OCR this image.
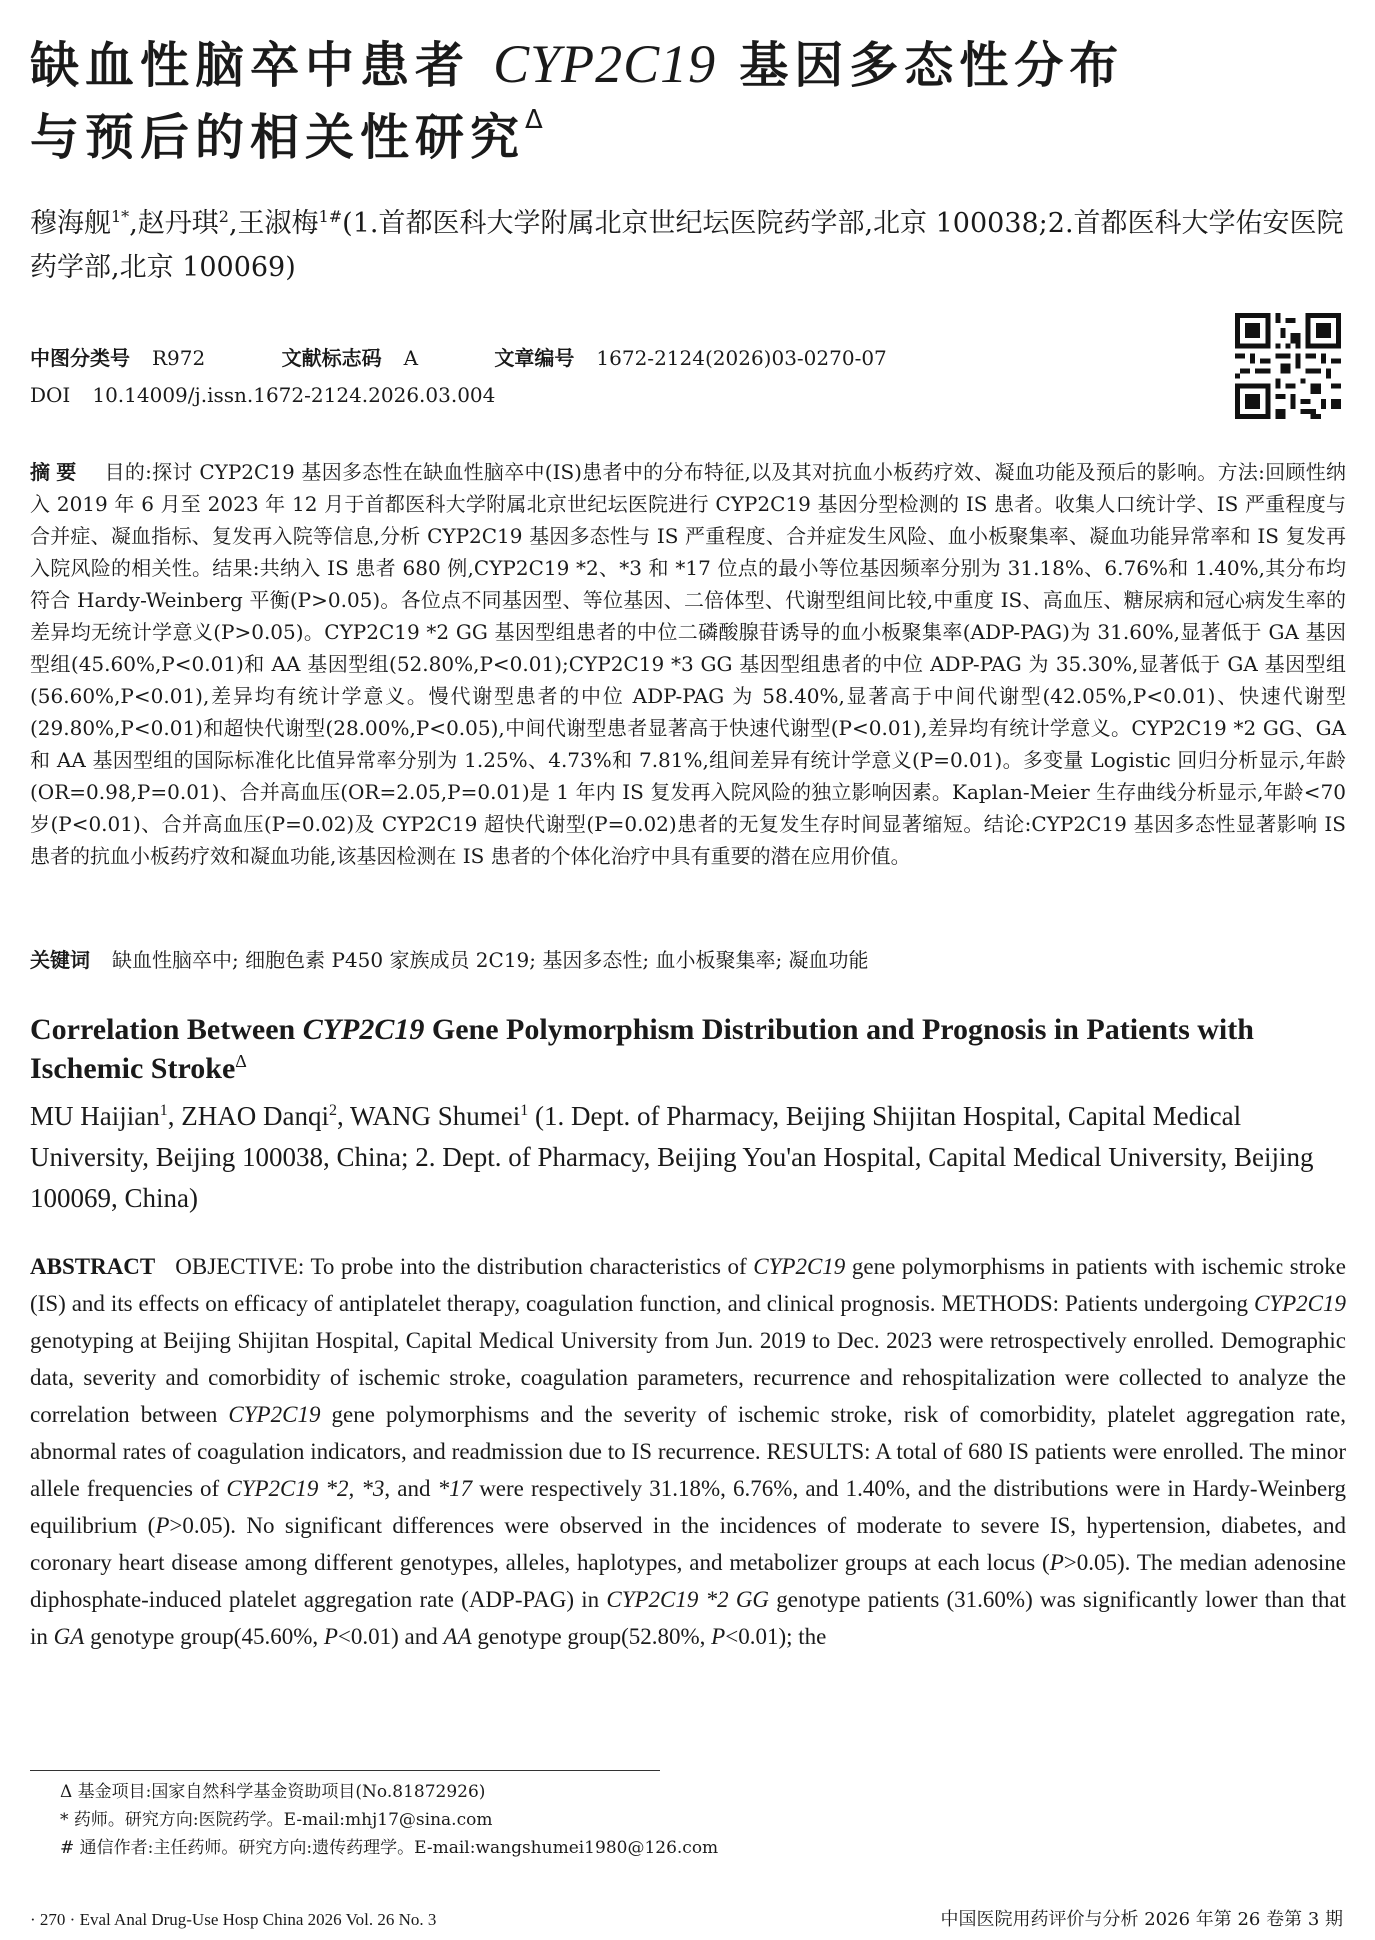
缺血性脑卒中患者 CYP2C19 基因多态性分布
与预后的相关性研究$^\Delta$
穆海舰$^{1*}$,赵丹琪$^2$,王淑梅$^{1\#}$(1.首都医科大学附属北京世纪坛医院药学部,北京 100038;2.首都医科大学佑安医院药学部,北京 100069)
中图分类号 R972	文献标志码 A	文章编号 1672-2124(2026)03-0270-07
DOI 10.14009/j.issn.1672-2124.2026.03.004
摘要 目的:探讨 CYP2C19 基因多态性在缺血性脑卒中(IS)患者中的分布特征,以及其对抗血小板药疗效、凝血功能及预后的影响。方法:回顾性纳入 2019 年 6 月至 2023 年 12 月于首都医科大学附属北京世纪坛医院进行 CYP2C19 基因分型检测的 IS 患者。收集人口统计学、IS 严重程度与合并症、凝血指标、复发再入院等信息,分析 CYP2C19 基因多态性与 IS 严重程度、合并症发生风险、血小板聚集率、凝血功能异常率和 IS 复发再入院风险的相关性。结果:共纳入 IS 患者 680 例,CYP2C19 *2、*3 和 *17 位点的最小等位基因频率分别为 31.18%、6.76%和 1.40%,其分布均符合 Hardy-Weinberg 平衡(P>0.05)。各位点不同基因型、等位基因、二倍体型、代谢型组间比较,中重度 IS、高血压、糖尿病和冠心病发生率的差异均无统计学意义(P>0.05)。CYP2C19 *2 GG 基因型组患者的中位二磷酸腺苷诱导的血小板聚集率(ADP-PAG)为 31.60%,显著低于 GA 基因型组(45.60%,P<0.01)和 AA 基因型组(52.80%,P<0.01);CYP2C19 *3 GG 基因型组患者的中位 ADP-PAG 为 35.30%,显著低于 GA 基因型组(56.60%,P<0.01),差异均有统计学意义。慢代谢型患者的中位 ADP-PAG 为 58.40%,显著高于中间代谢型(42.05%,P<0.01)、快速代谢型(29.80%,P<0.01)和超快代谢型(28.00%,P<0.05),中间代谢型患者显著高于快速代谢型(P<0.01),差异均有统计学意义。CYP2C19 *2 GG、GA 和 AA 基因型组的国际标准化比值异常率分别为 1.25%、4.73%和 7.81%,组间差异有统计学意义(P=0.01)。多变量 Logistic 回归分析显示,年龄(OR=0.98,P=0.01)、合并高血压(OR=2.05,P=0.01)是 1 年内 IS 复发再入院风险的独立影响因素。Kaplan-Meier 生存曲线分析显示,年龄<70 岁(P<0.01)、合并高血压(P=0.02)及 CYP2C19 超快代谢型(P=0.02)患者的无复发生存时间显著缩短。结论:CYP2C19 基因多态性显著影响 IS 患者的抗血小板药疗效和凝血功能,该基因检测在 IS 患者的个体化治疗中具有重要的潜在应用价值。
关键词 缺血性脑卒中; 细胞色素 P450 家族成员 2C19; 基因多态性; 血小板聚集率; 凝血功能
Correlation Between CYP2C19 Gene Polymorphism Distribution and Prognosis in Patients with Ischemic Stroke$^\Delta$
MU Haijian$^1$, ZHAO Danqi$^2$, WANG Shumei$^1$ (1. Dept. of Pharmacy, Beijing Shijitan Hospital, Capital Medical University, Beijing 100038, China; 2. Dept. of Pharmacy, Beijing You'an Hospital, Capital Medical University, Beijing 100069, China)
ABSTRACT OBJECTIVE: To probe into the distribution characteristics of CYP2C19 gene polymorphisms in patients with ischemic stroke (IS) and its effects on efficacy of antiplatelet therapy, coagulation function, and clinical prognosis. METHODS: Patients undergoing CYP2C19 genotyping at Beijing Shijitan Hospital, Capital Medical University from Jun. 2019 to Dec. 2023 were retrospectively enrolled. Demographic data, severity and comorbidity of ischemic stroke, coagulation parameters, recurrence and rehospitalization were collected to analyze the correlation between CYP2C19 gene polymorphisms and the severity of ischemic stroke, risk of comorbidity, platelet aggregation rate, abnormal rates of coagulation indicators, and readmission due to IS recurrence. RESULTS: A total of 680 IS patients were enrolled. The minor allele frequencies of CYP2C19 *2, *3, and *17 were respectively 31.18%, 6.76%, and 1.40%, and the distributions were in Hardy-Weinberg equilibrium (P>0.05). No significant differences were observed in the incidences of moderate to severe IS, hypertension, diabetes, and coronary heart disease among different genotypes, alleles, haplotypes, and metabolizer groups at each locus (P>0.05). The median adenosine diphosphate-induced platelet aggregation rate (ADP-PAG) in CYP2C19 *2 GG genotype patients (31.60%) was significantly lower than that in GA genotype group(45.60%, P<0.01) and AA genotype group(52.80%, P<0.01); the
Δ 基金项目:国家自然科学基金资助项目(No.81872926)
* 药师。研究方向:医院药学。E-mail:mhj17@sina.com
# 通信作者:主任药师。研究方向:遗传药理学。E-mail:wangshumei1980@126.com
· 270 · Eval Anal Drug-Use Hosp China 2026 Vol. 26 No. 3	中国医院用药评价与分析 2026 年第 26 卷第 3 期
